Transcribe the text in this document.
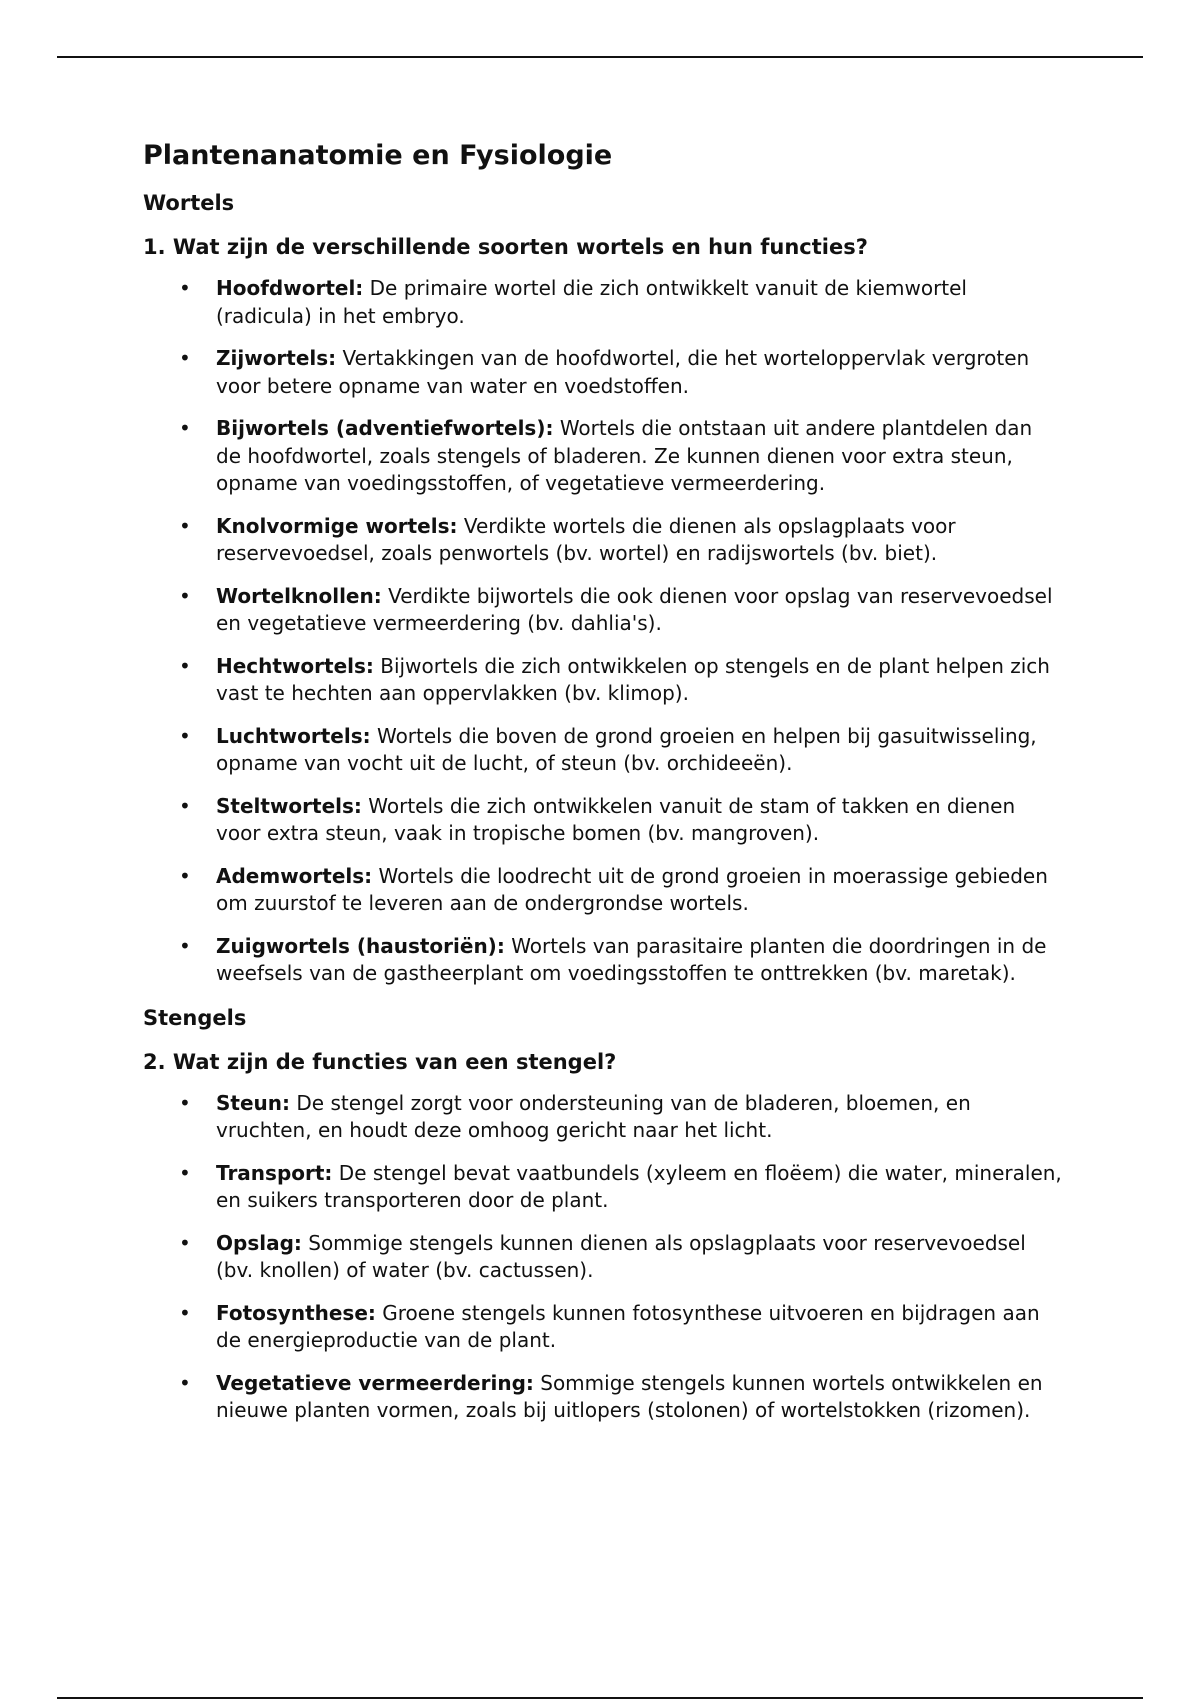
Plantenanatomie en Fysiologie
Wortels
1. Wat zijn de verschillende soorten wortels en hun functies?
• Hoofdwortel: De primaire wortel die zich ontwikkelt vanuit de kiemwortel (radicula) in het embryo.
• Zijwortels: Vertakkingen van de hoofdwortel, die het worteloppervlak vergroten voor betere opname van water en voedstoffen.
• Bijwortels (adventiefwortels): Wortels die ontstaan uit andere plantdelen dan de hoofdwortel, zoals stengels of bladeren. Ze kunnen dienen voor extra steun, opname van voedingsstoffen, of vegetatieve vermeerdering.
• Knolvormige wortels: Verdikte wortels die dienen als opslagplaats voor reservevoedsel, zoals penwortels (bv. wortel) en radijswortels (bv. biet).
• Wortelknollen: Verdikte bijwortels die ook dienen voor opslag van reservevoedsel en vegetatieve vermeerdering (bv. dahlia's).
• Hechtwortels: Bijwortels die zich ontwikkelen op stengels en de plant helpen zich vast te hechten aan oppervlakken (bv. klimop).
• Luchtwortels: Wortels die boven de grond groeien en helpen bij gasuitwisseling, opname van vocht uit de lucht, of steun (bv. orchideeën).
• Steltwortels: Wortels die zich ontwikkelen vanuit de stam of takken en dienen voor extra steun, vaak in tropische bomen (bv. mangroven).
• Ademwortels: Wortels die loodrecht uit de grond groeien in moerassige gebieden om zuurstof te leveren aan de ondergrondse wortels.
• Zuigwortels (haustoriën): Wortels van parasitaire planten die doordringen in de weefsels van de gastheerplant om voedingsstoffen te onttrekken (bv. maretak).
Stengels
2. Wat zijn de functies van een stengel?
• Steun: De stengel zorgt voor ondersteuning van de bladeren, bloemen, en vruchten, en houdt deze omhoog gericht naar het licht.
• Transport: De stengel bevat vaatbundels (xyleem en floëem) die water, mineralen, en suikers transporteren door de plant.
• Opslag: Sommige stengels kunnen dienen als opslagplaats voor reservevoedsel (bv. knollen) of water (bv. cactussen).
• Fotosynthese: Groene stengels kunnen fotosynthese uitvoeren en bijdragen aan de energieproductie van de plant.
• Vegetatieve vermeerdering: Sommige stengels kunnen wortels ontwikkelen en nieuwe planten vormen, zoals bij uitlopers (stolonen) of wortelstokken (rizomen).
